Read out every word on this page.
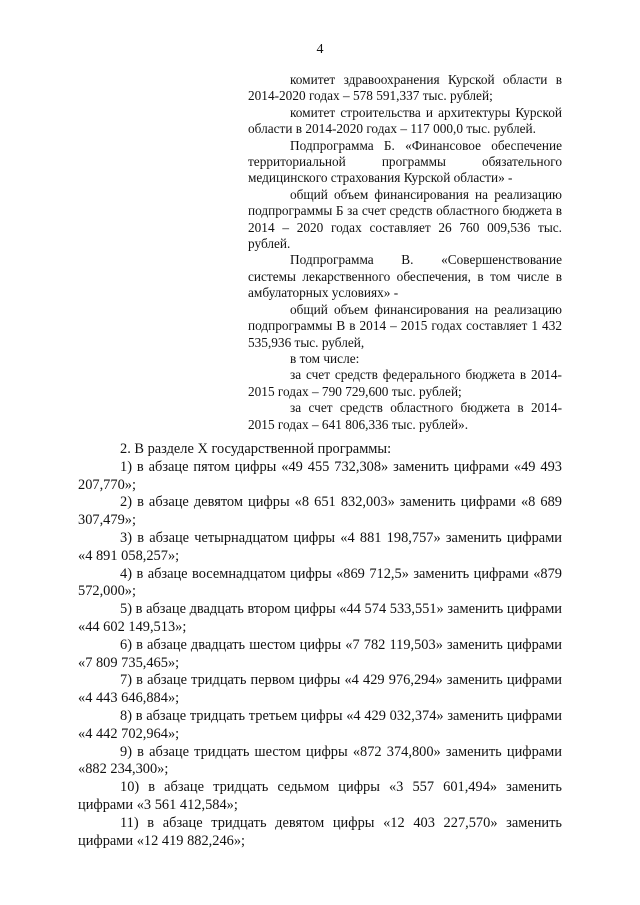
4

комитет здравоохранения Курской области в 2014-2020 годах – 578 591,337 тыс. рублей;

комитет строительства и архитектуры Курской области в 2014-2020 годах – 117 000,0 тыс. рублей.

Подпрограмма Б. «Финансовое обеспечение территориальной программы обязательного медицинского страхования Курской области» -

общий объем финансирования на реализацию подпрограммы Б за счет средств областного бюджета в 2014 – 2020 годах составляет 26 760 009,536 тыс. рублей.

Подпрограмма В. «Совершенствование системы лекарственного обеспечения, в том числе в амбулаторных условиях» -

общий объем финансирования на реализацию подпрограммы В в 2014 – 2015 годах составляет 1 432 535,936 тыс. рублей,

в том числе:

за счет средств федерального бюджета в 2014-2015 годах – 790 729,600 тыс. рублей;

за счет средств областного бюджета в 2014-2015 годах – 641 806,336 тыс. рублей».

2. В разделе X государственной программы:

1) в абзаце пятом цифры «49 455 732,308» заменить цифрами «49 493 207,770»;

2) в абзаце девятом цифры «8 651 832,003» заменить цифрами «8 689 307,479»;

3) в абзаце четырнадцатом цифры «4 881 198,757» заменить цифрами «4 891 058,257»;

4) в абзаце восемнадцатом цифры «869 712,5» заменить цифрами «879 572,000»;

5) в абзаце двадцать втором цифры «44 574 533,551» заменить цифрами «44 602 149,513»;

6) в абзаце двадцать шестом цифры «7 782 119,503» заменить цифрами «7 809 735,465»;

7) в абзаце тридцать первом цифры «4 429 976,294» заменить цифрами «4 443 646,884»;

8) в абзаце тридцать третьем цифры «4 429 032,374» заменить цифрами «4 442 702,964»;

9) в абзаце тридцать шестом цифры «872 374,800» заменить цифрами «882 234,300»;

10) в абзаце тридцать седьмом цифры «3 557 601,494» заменить цифрами «3 561 412,584»;

11) в абзаце тридцать девятом цифры «12 403 227,570» заменить цифрами «12 419 882,246»;
